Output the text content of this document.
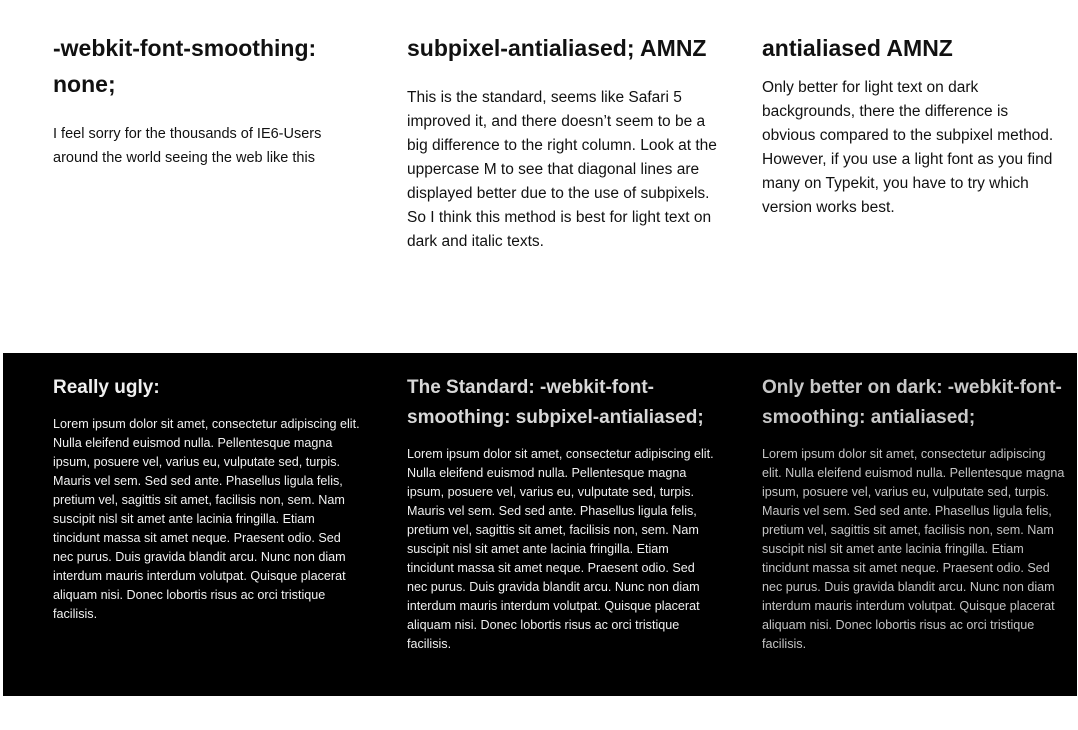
-webkit-font-smoothing: none;

I feel sorry for the thousands of IE6-Users around the world seeing the web like this

subpixel-antialiased; AMNZ

This is the standard, seems like Safari 5 improved it, and there doesn’t seem to be a big difference to the right column. Look at the uppercase M to see that diagonal lines are displayed better due to the use of subpixels. So I think this method is best for light text on dark and italic texts.

antialiased AMNZ

Only better for light text on dark backgrounds, there the difference is obvious compared to the subpixel method. However, if you use a light font as you find many on Typekit, you have to try which version works best.

Really ugly:

Lorem ipsum dolor sit amet, consectetur adipiscing elit. Nulla eleifend euismod nulla. Pellentesque magna ipsum, posuere vel, varius eu, vulputate sed, turpis. Mauris vel sem. Sed sed ante. Phasellus ligula felis, pretium vel, sagittis sit amet, facilisis non, sem. Nam suscipit nisl sit amet ante lacinia fringilla. Etiam tincidunt massa sit amet neque. Praesent odio. Sed nec purus. Duis gravida blandit arcu. Nunc non diam interdum mauris interdum volutpat. Quisque placerat aliquam nisi. Donec lobortis risus ac orci tristique facilisis.

The Standard: -webkit-font-smoothing: subpixel-antialiased;

Lorem ipsum dolor sit amet, consectetur adipiscing elit. Nulla eleifend euismod nulla. Pellentesque magna ipsum, posuere vel, varius eu, vulputate sed, turpis. Mauris vel sem. Sed sed ante. Phasellus ligula felis, pretium vel, sagittis sit amet, facilisis non, sem. Nam suscipit nisl sit amet ante lacinia fringilla. Etiam tincidunt massa sit amet neque. Praesent odio. Sed nec purus. Duis gravida blandit arcu. Nunc non diam interdum mauris interdum volutpat. Quisque placerat aliquam nisi. Donec lobortis risus ac orci tristique facilisis.

Only better on dark: -webkit-font-smoothing: antialiased;

Lorem ipsum dolor sit amet, consectetur adipiscing elit. Nulla eleifend euismod nulla. Pellentesque magna ipsum, posuere vel, varius eu, vulputate sed, turpis. Mauris vel sem. Sed sed ante. Phasellus ligula felis, pretium vel, sagittis sit amet, facilisis non, sem. Nam suscipit nisl sit amet ante lacinia fringilla. Etiam tincidunt massa sit amet neque. Praesent odio. Sed nec purus. Duis gravida blandit arcu. Nunc non diam interdum mauris interdum volutpat. Quisque placerat aliquam nisi. Donec lobortis risus ac orci tristique facilisis.
